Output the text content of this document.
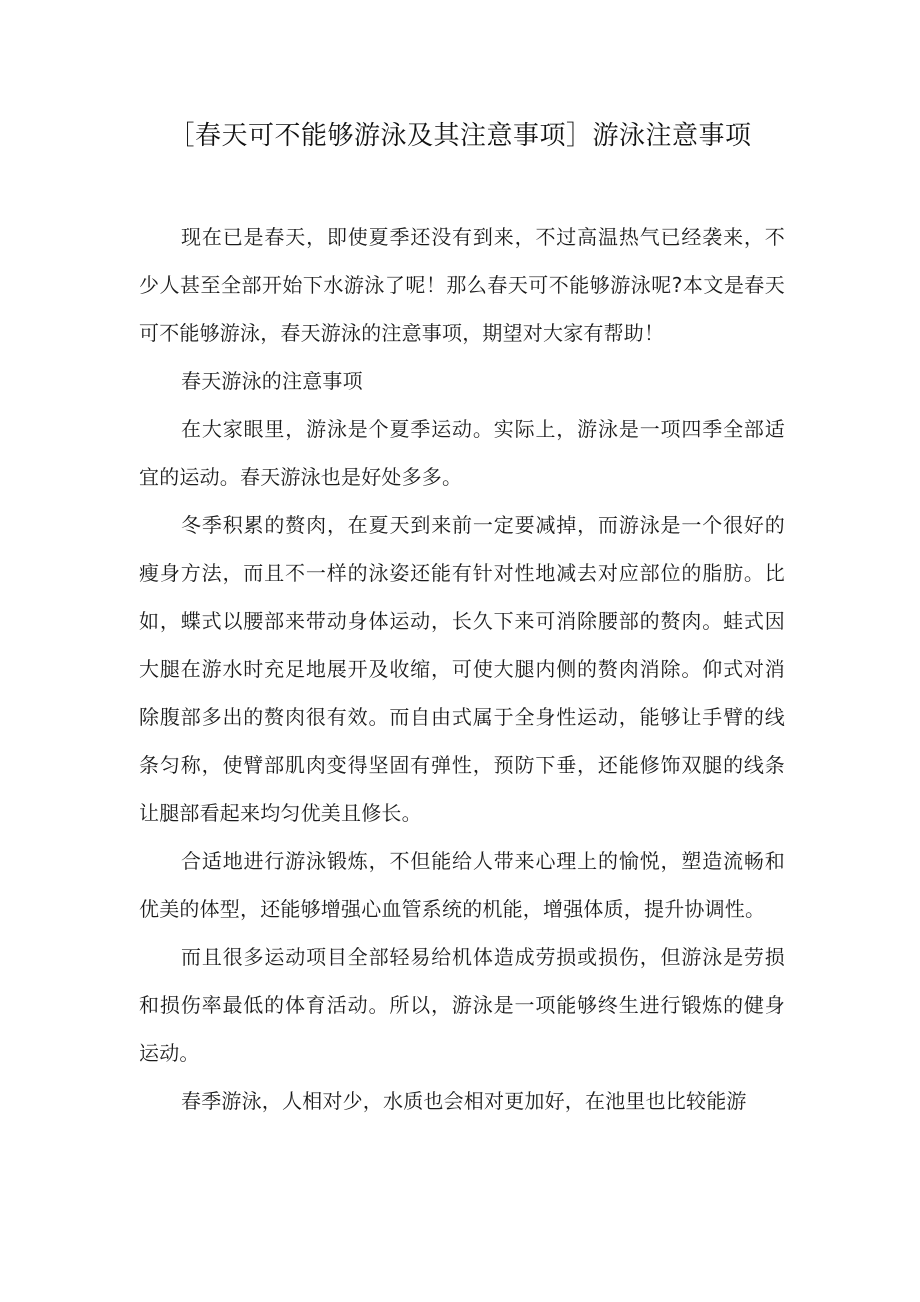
［春天可不能够游泳及其注意事项］游泳注意事项

现在已是春天，即使夏季还没有到来，不过高温热气已经袭来，不少人甚至全部开始下水游泳了呢！那么春天可不能够游泳呢?本文是春天可不能够游泳，春天游泳的注意事项，期望对大家有帮助！

春天游泳的注意事项

在大家眼里，游泳是个夏季运动。实际上，游泳是一项四季全部适宜的运动。春天游泳也是好处多多。

冬季积累的赘肉，在夏天到来前一定要减掉，而游泳是一个很好的瘦身方法，而且不一样的泳姿还能有针对性地减去对应部位的脂肪。比如，蝶式以腰部来带动身体运动，长久下来可消除腰部的赘肉。蛙式因大腿在游水时充足地展开及收缩，可使大腿内侧的赘肉消除。仰式对消除腹部多出的赘肉很有效。而自由式属于全身性运动，能够让手臂的线条匀称，使臂部肌肉变得坚固有弹性，预防下垂，还能修饰双腿的线条让腿部看起来均匀优美且修长。

合适地进行游泳锻炼，不但能给人带来心理上的愉悦，塑造流畅和优美的体型，还能够增强心血管系统的机能，增强体质，提升协调性。

而且很多运动项目全部轻易给机体造成劳损或损伤，但游泳是劳损和损伤率最低的体育活动。所以，游泳是一项能够终生进行锻炼的健身运动。

春季游泳，人相对少，水质也会相对更加好，在池里也比较能游
